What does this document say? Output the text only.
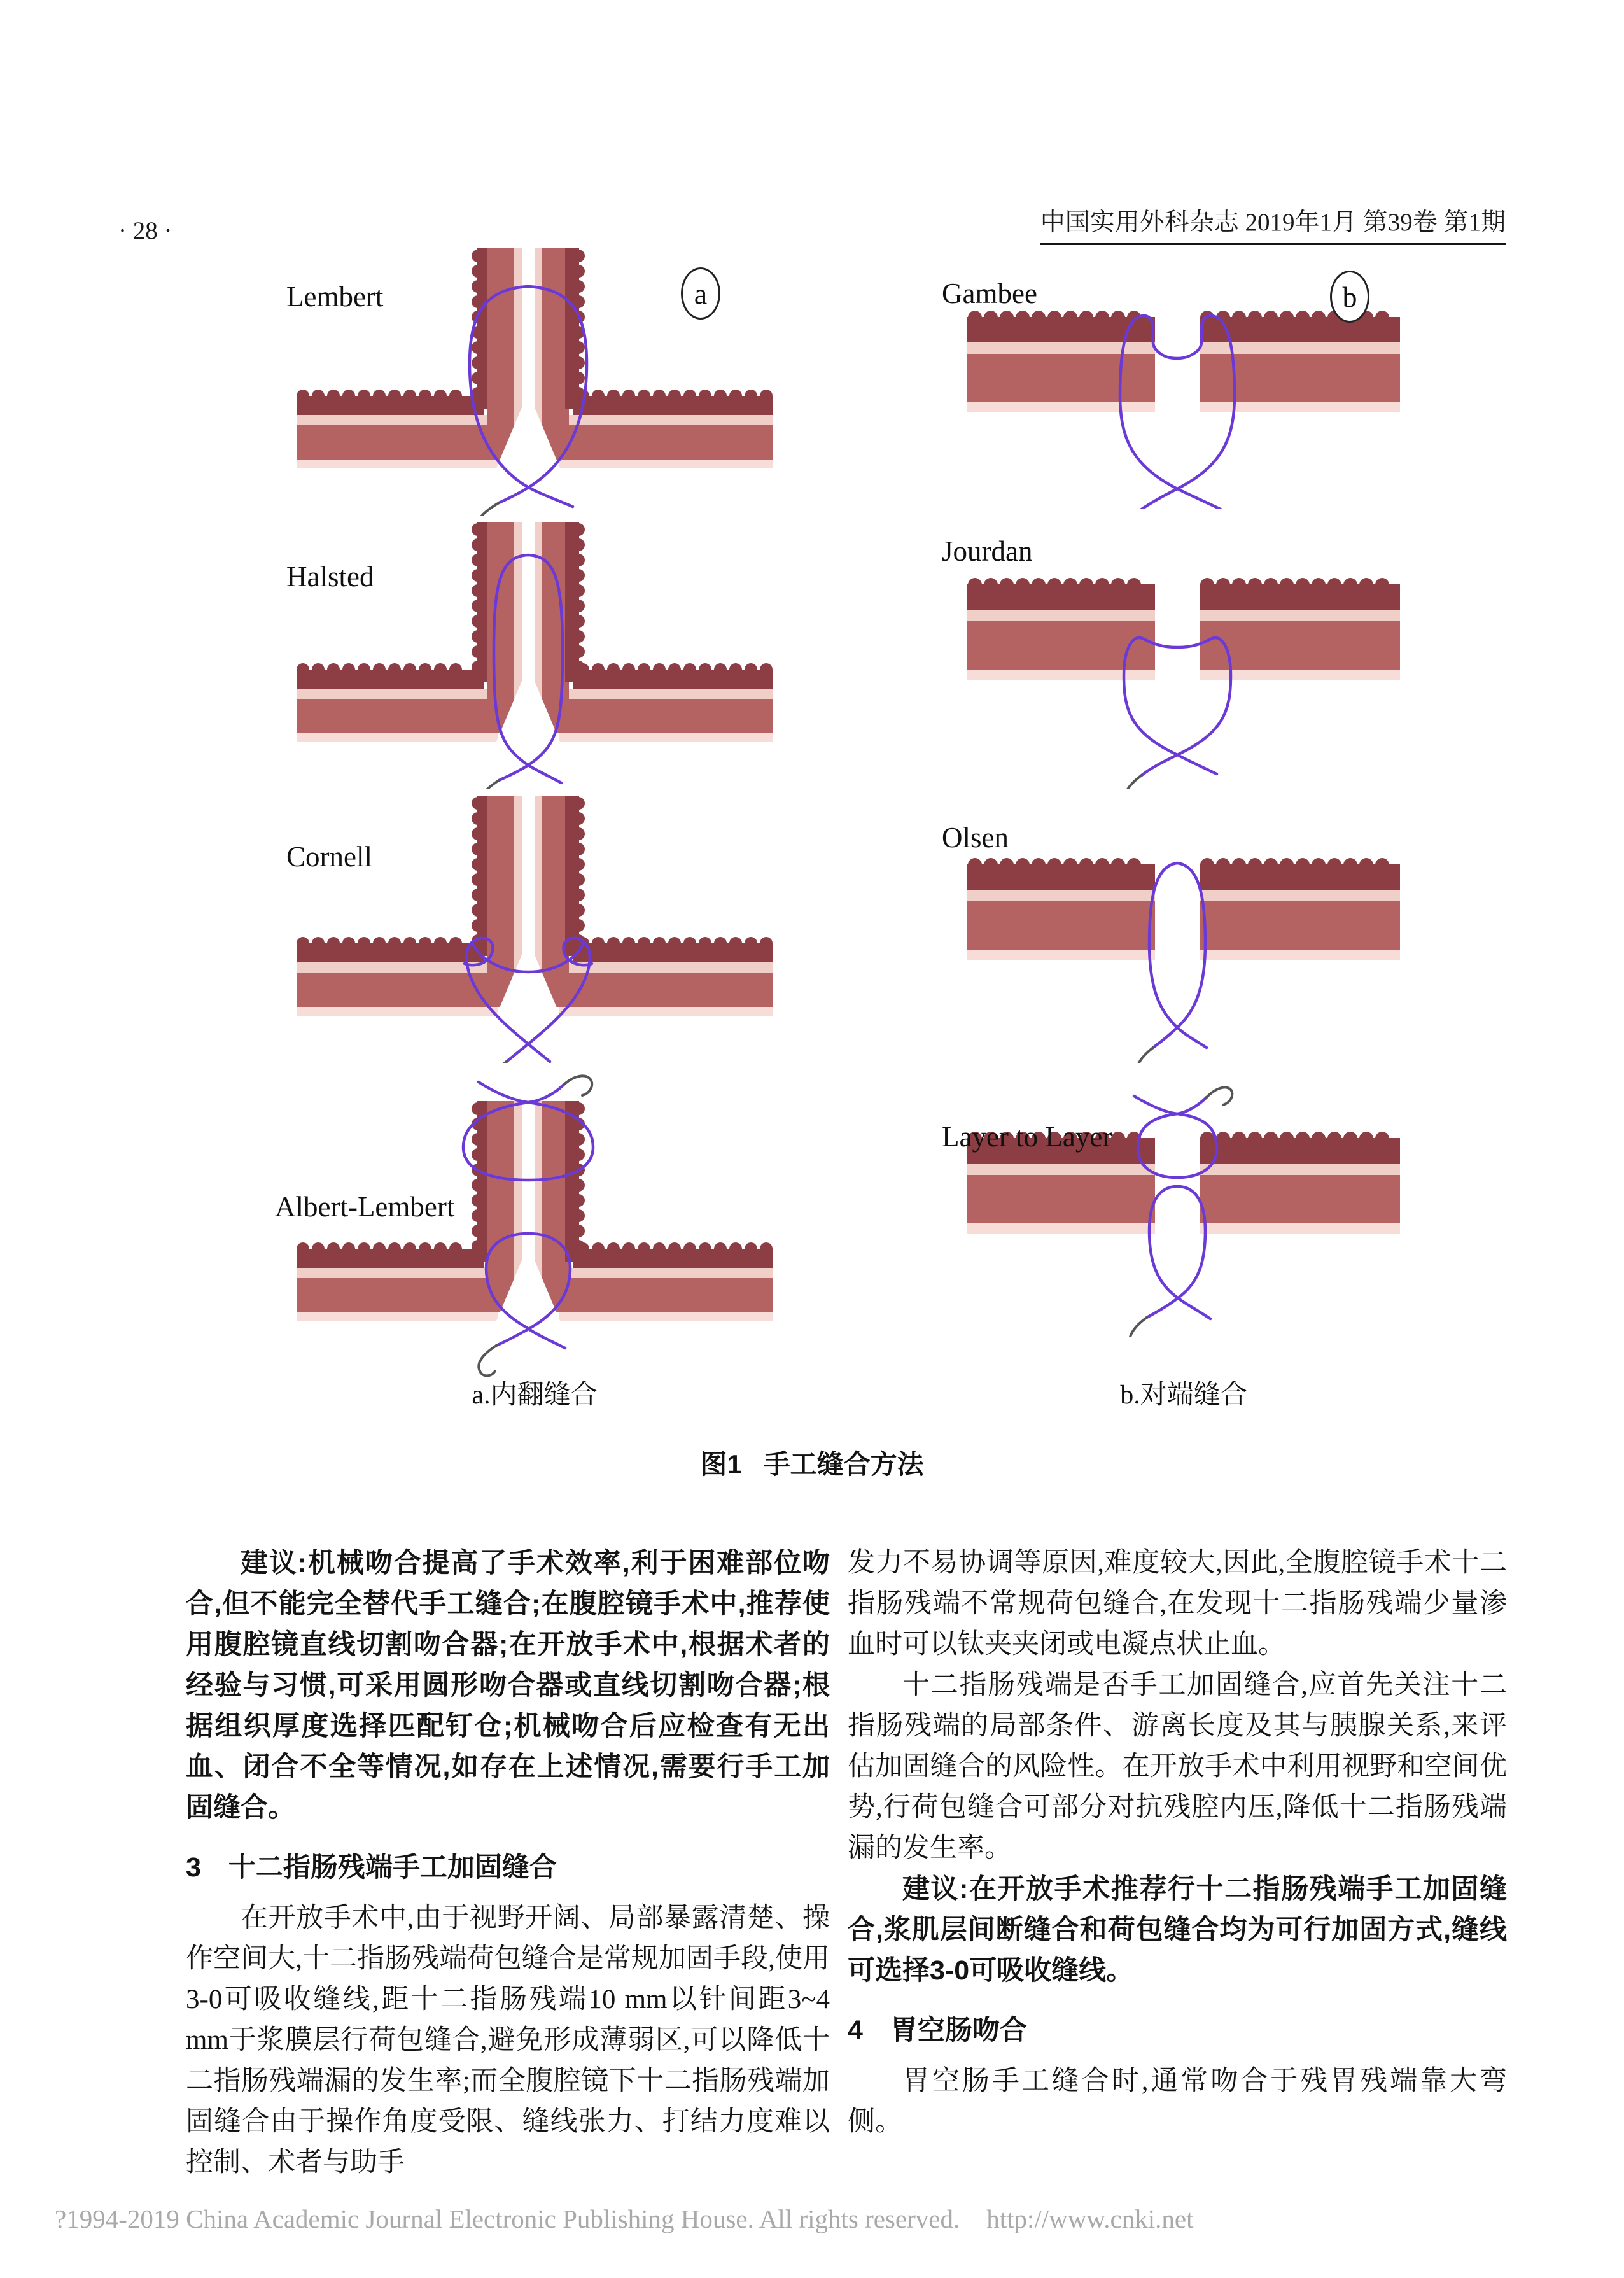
· 28 ·	中国实用外科杂志 2019年1月 第39卷 第1期
Lembert	a
Halsted
Cornell
Albert-Lembert
Gambee	b
Jourdan
Olsen
Layer to Layer
a.内翻缝合	b.对端缝合
图1 手工缝合方法

建议:机械吻合提高了手术效率,利于困难部位吻合,但不能完全替代手工缝合;在腹腔镜手术中,推荐使用腹腔镜直线切割吻合器;在开放手术中,根据术者的经验与习惯,可采用圆形吻合器或直线切割吻合器;根据组织厚度选择匹配钉仓;机械吻合后应检查有无出血、闭合不全等情况,如存在上述情况,需要行手工加固缝合。

3　十二指肠残端手工加固缝合

在开放手术中,由于视野开阔、局部暴露清楚、操作空间大,十二指肠残端荷包缝合是常规加固手段,使用3-0可吸收缝线,距十二指肠残端10 mm以针间距3~4 mm于浆膜层行荷包缝合,避免形成薄弱区,可以降低十二指肠残端漏的发生率;而全腹腔镜下十二指肠残端加固缝合由于操作角度受限、缝线张力、打结力度难以控制、术者与助手

发力不易协调等原因,难度较大,因此,全腹腔镜手术十二指肠残端不常规荷包缝合,在发现十二指肠残端少量渗血时可以钛夹夹闭或电凝点状止血。

十二指肠残端是否手工加固缝合,应首先关注十二指肠残端的局部条件、游离长度及其与胰腺关系,来评估加固缝合的风险性。在开放手术中利用视野和空间优势,行荷包缝合可部分对抗残腔内压,降低十二指肠残端漏的发生率。

建议:在开放手术推荐行十二指肠残端手工加固缝合,浆肌层间断缝合和荷包缝合均为可行加固方式,缝线可选择3-0可吸收缝线。

4　胃空肠吻合

胃空肠手工缝合时,通常吻合于残胃残端靠大弯侧。

?1994-2019 China Academic Journal Electronic Publishing House. All rights reserved. http://www.cnki.net
